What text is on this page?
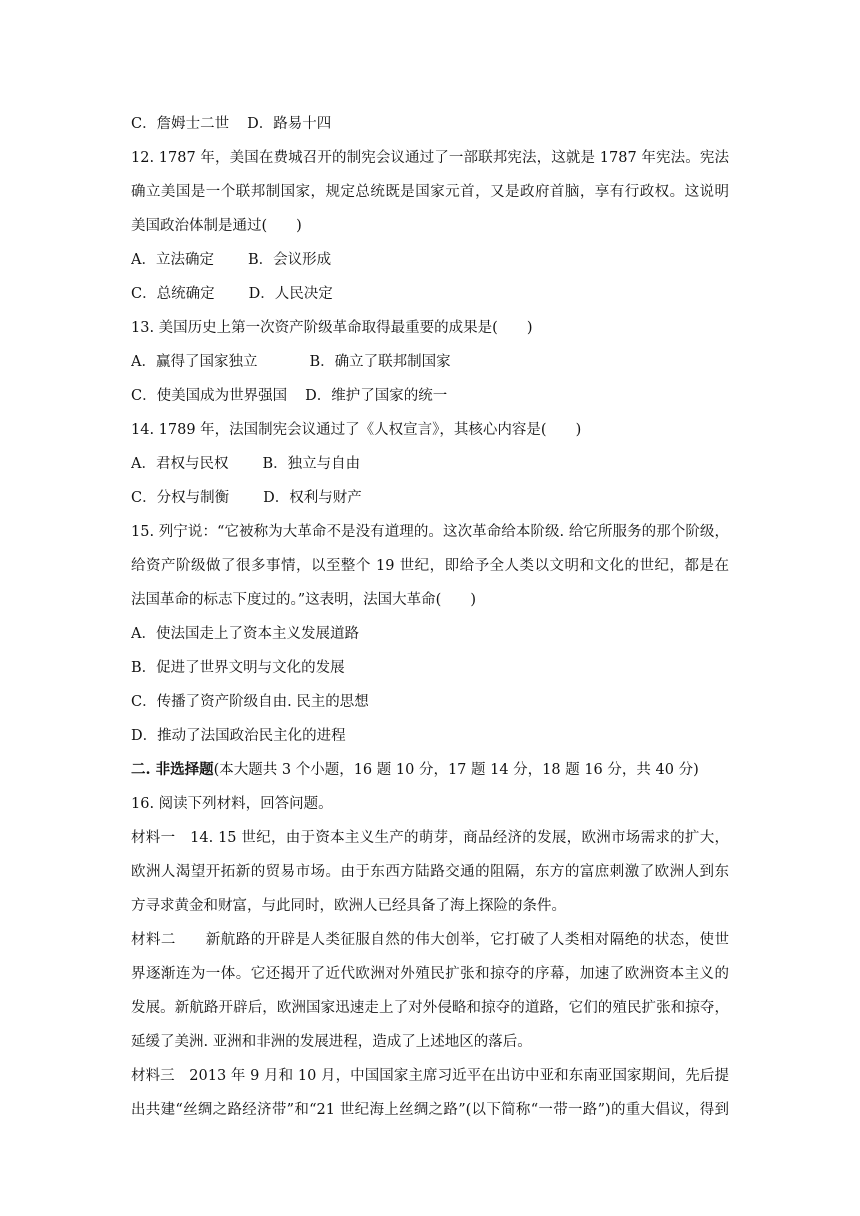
C．詹姆士二世 D．路易十四
12. 1787 年，美国在费城召开的制宪会议通过了一部联邦宪法，这就是 1787 年宪法。宪法
确立美国是一个联邦制国家，规定总统既是国家元首，又是政府首脑，享有行政权。这说明
美国政治体制是通过(　　)
A．立法确定 B．会议形成
C．总统确定 D．人民决定
13. 美国历史上第一次资产阶级革命取得最重要的成果是(　　)
A．赢得了国家独立	B．确立了联邦制国家
C．使美国成为世界强国 D．维护了国家的统一
14. 1789 年，法国制宪会议通过了《人权宣言》，其核心内容是(　　)
A．君权与民权 B．独立与自由
C．分权与制衡 D．权利与财产
15. 列宁说：“它被称为大革命不是没有道理的。这次革命给本阶级. 给它所服务的那个阶级，
给资产阶级做了很多事情，以至整个 19 世纪，即给予全人类以文明和文化的世纪，都是在
法国革命的标志下度过的。”这表明，法国大革命(　　)
A．使法国走上了资本主义发展道路
B．促进了世界文明与文化的发展
C．传播了资产阶级自由. 民主的思想
D．推动了法国政治民主化的进程
二. 非选择题(本大题共 3 个小题，16 题 10 分，17 题 14 分，18 题 16 分，共 40 分)
16. 阅读下列材料，回答问题。
材料一　14. 15 世纪，由于资本主义生产的萌芽，商品经济的发展，欧洲市场需求的扩大，
欧洲人渴望开拓新的贸易市场。由于东西方陆路交通的阻隔，东方的富庶刺激了欧洲人到东
方寻求黄金和财富，与此同时，欧洲人已经具备了海上探险的条件。
材料二　　新航路的开辟是人类征服自然的伟大创举，它打破了人类相对隔绝的状态，使世
界逐渐连为一体。它还揭开了近代欧洲对外殖民扩张和掠夺的序幕，加速了欧洲资本主义的
发展。新航路开辟后，欧洲国家迅速走上了对外侵略和掠夺的道路，它们的殖民扩张和掠夺，
延缓了美洲. 亚洲和非洲的发展进程，造成了上述地区的落后。
材料三　2013 年 9 月和 10 月，中国国家主席习近平在出访中亚和东南亚国家期间，先后提
出共建“丝绸之路经济带”和“21 世纪海上丝绸之路”(以下简称“一带一路”)的重大倡议，得到
